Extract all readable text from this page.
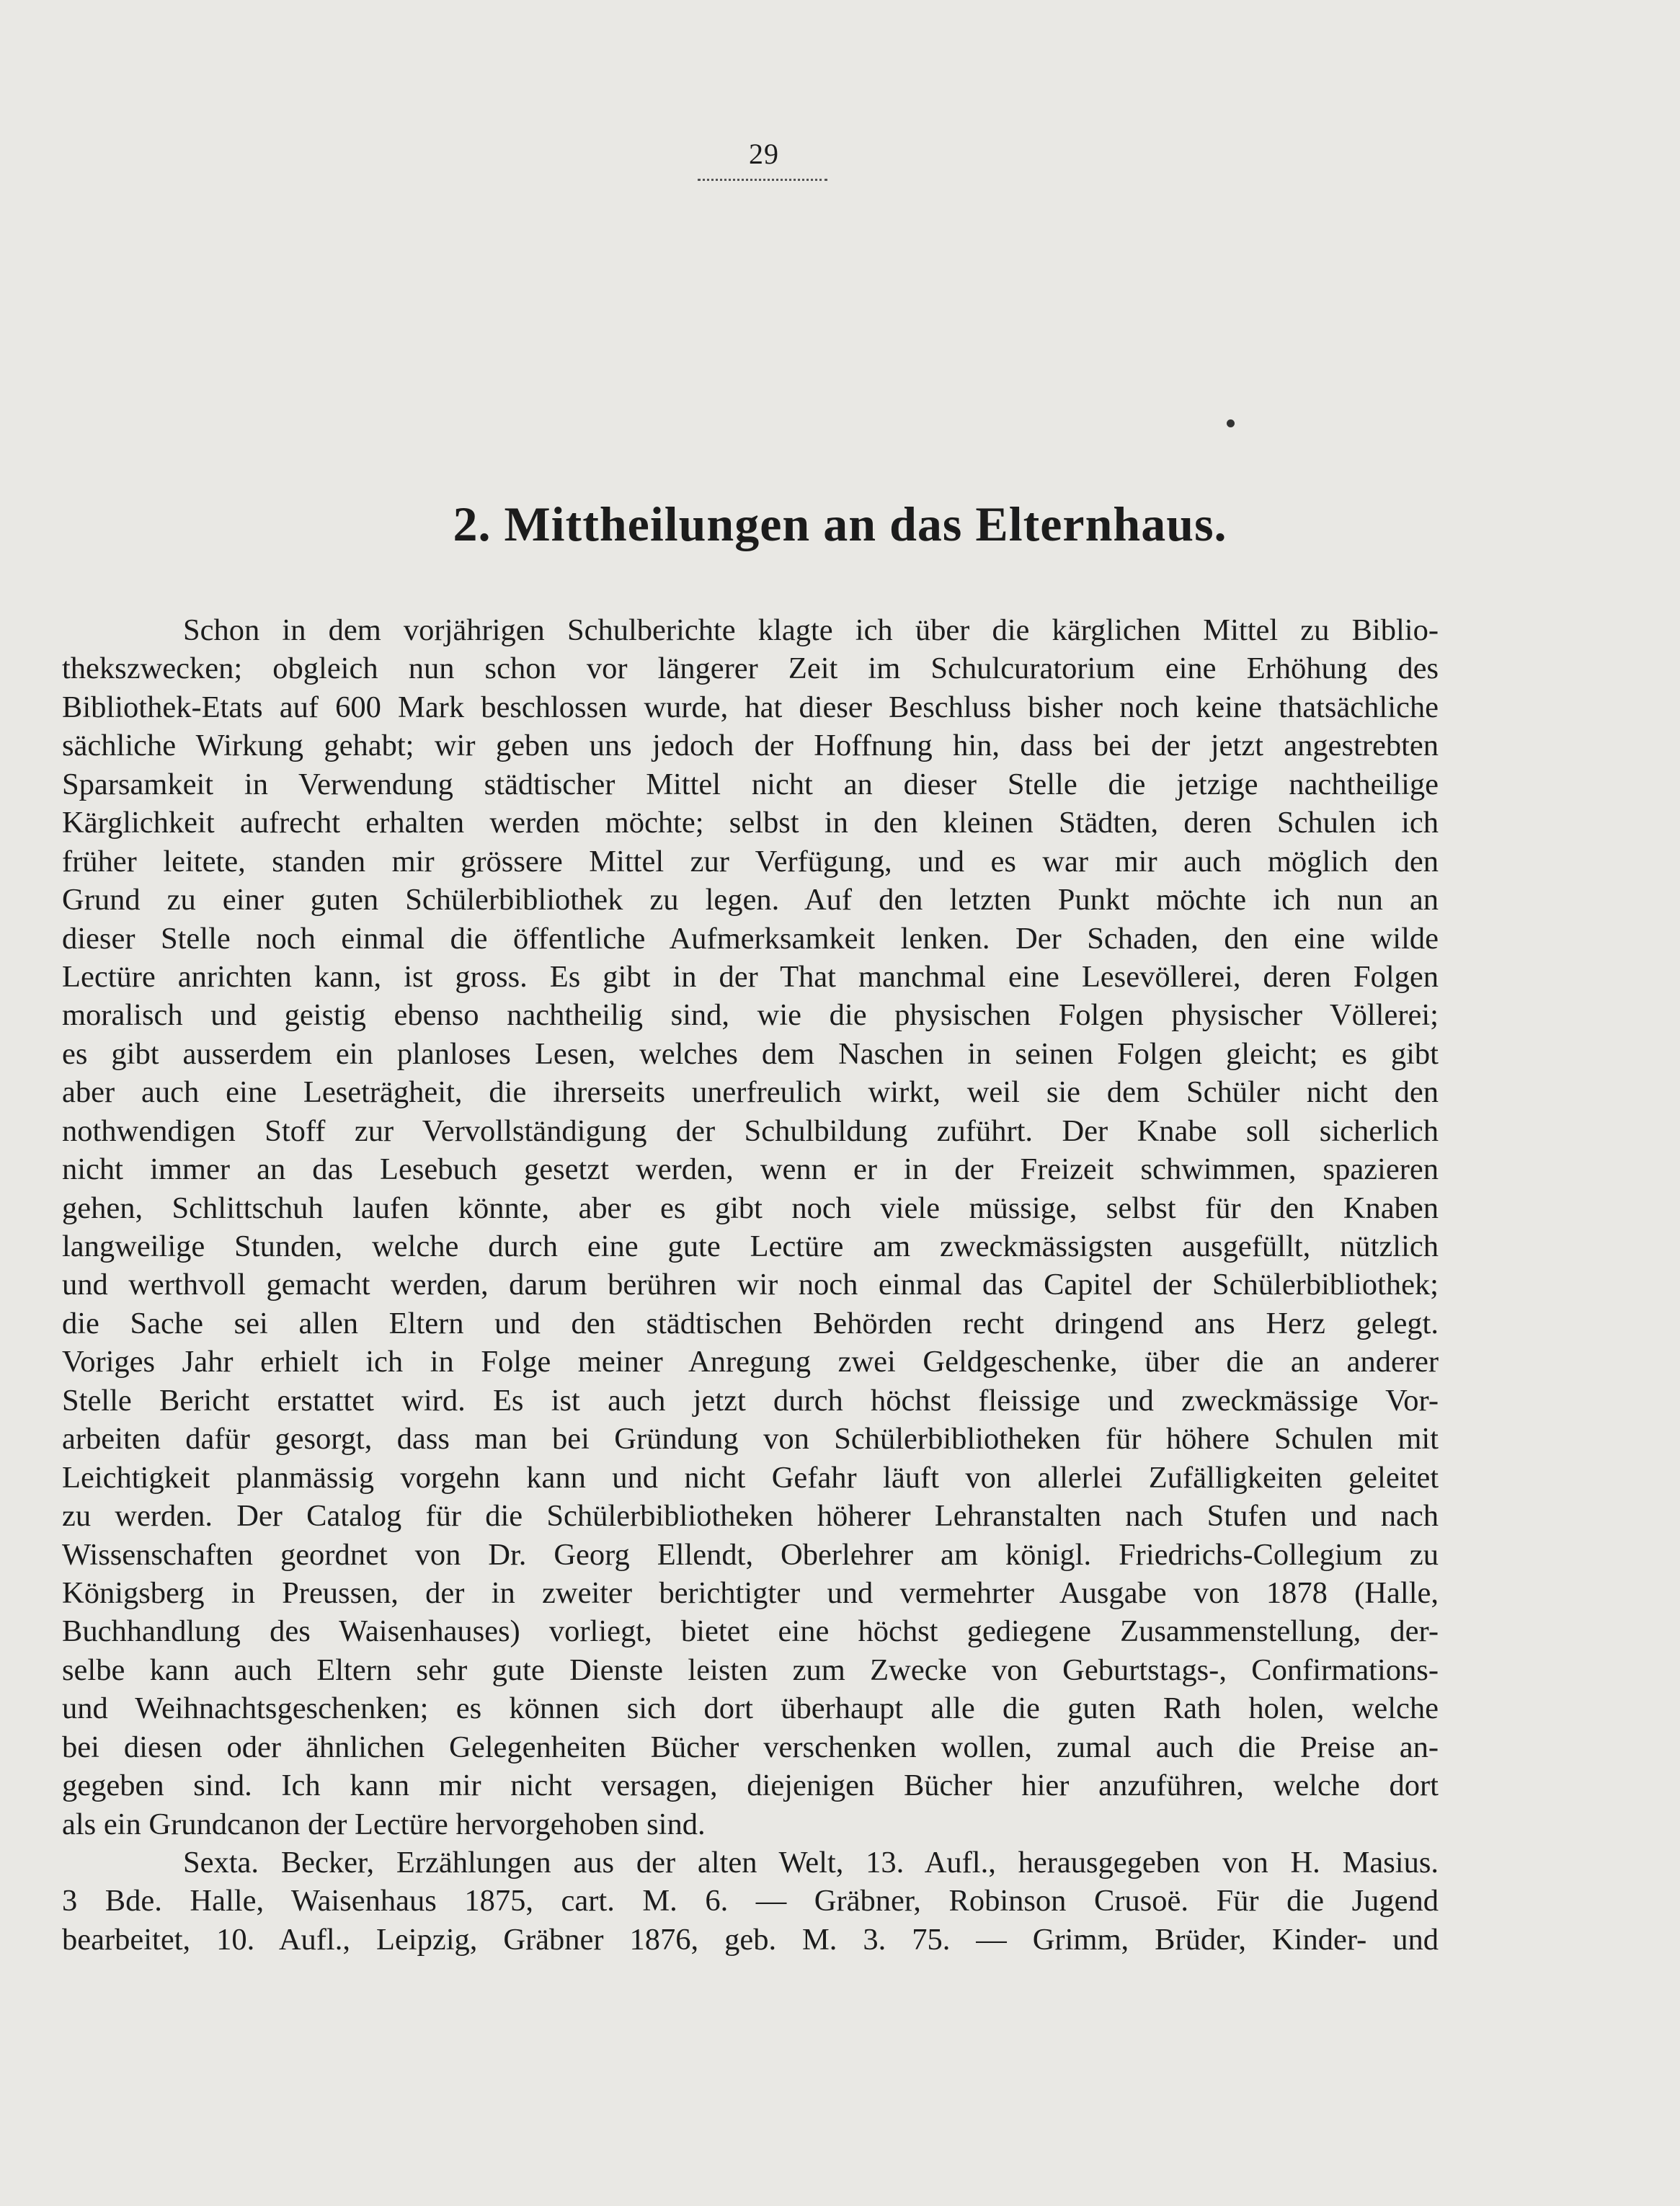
29
2. Mittheilungen an das Elternhaus.
Schon in dem vorjährigen Schulberichte klagte ich über die kärglichen Mittel zu Biblio-
thekszwecken; obgleich nun schon vor längerer Zeit im Schulcuratorium eine Erhöhung des
Bibliothek-Etats auf 600 Mark beschlossen wurde, hat dieser Beschluss bisher noch keine thatsächliche
sächliche Wirkung gehabt; wir geben uns jedoch der Hoffnung hin, dass bei der jetzt angestrebten
Sparsamkeit in Verwendung städtischer Mittel nicht an dieser Stelle die jetzige nachtheilige
Kärglichkeit aufrecht erhalten werden möchte; selbst in den kleinen Städten, deren Schulen ich
früher leitete, standen mir grössere Mittel zur Verfügung, und es war mir auch möglich den
Grund zu einer guten Schülerbibliothek zu legen. Auf den letzten Punkt möchte ich nun an
dieser Stelle noch einmal die öffentliche Aufmerksamkeit lenken. Der Schaden, den eine wilde
Lectüre anrichten kann, ist gross. Es gibt in der That manchmal eine Lesevöllerei, deren Folgen
moralisch und geistig ebenso nachtheilig sind, wie die physischen Folgen physischer Völlerei;
es gibt ausserdem ein planloses Lesen, welches dem Naschen in seinen Folgen gleicht; es gibt
aber auch eine Leseträgheit, die ihrerseits unerfreulich wirkt, weil sie dem Schüler nicht den
nothwendigen Stoff zur Vervollständigung der Schulbildung zuführt. Der Knabe soll sicherlich
nicht immer an das Lesebuch gesetzt werden, wenn er in der Freizeit schwimmen, spazieren
gehen, Schlittschuh laufen könnte, aber es gibt noch viele müssige, selbst für den Knaben
langweilige Stunden, welche durch eine gute Lectüre am zweckmässigsten ausgefüllt, nützlich
und werthvoll gemacht werden, darum berühren wir noch einmal das Capitel der Schülerbibliothek;
die Sache sei allen Eltern und den städtischen Behörden recht dringend ans Herz gelegt.
Voriges Jahr erhielt ich in Folge meiner Anregung zwei Geldgeschenke, über die an anderer
Stelle Bericht erstattet wird. Es ist auch jetzt durch höchst fleissige und zweckmässige Vor-
arbeiten dafür gesorgt, dass man bei Gründung von Schülerbibliotheken für höhere Schulen mit
Leichtigkeit planmässig vorgehn kann und nicht Gefahr läuft von allerlei Zufälligkeiten geleitet
zu werden. Der Catalog für die Schülerbibliotheken höherer Lehranstalten nach Stufen und nach
Wissenschaften geordnet von Dr. Georg Ellendt, Oberlehrer am königl. Friedrichs-Collegium zu
Königsberg in Preussen, der in zweiter berichtigter und vermehrter Ausgabe von 1878 (Halle,
Buchhandlung des Waisenhauses) vorliegt, bietet eine höchst gediegene Zusammenstellung, der-
selbe kann auch Eltern sehr gute Dienste leisten zum Zwecke von Geburtstags-, Confirmations-
und Weihnachtsgeschenken; es können sich dort überhaupt alle die guten Rath holen, welche
bei diesen oder ähnlichen Gelegenheiten Bücher verschenken wollen, zumal auch die Preise an-
gegeben sind. Ich kann mir nicht versagen, diejenigen Bücher hier anzuführen, welche dort
als ein Grundcanon der Lectüre hervorgehoben sind.
Sexta. Becker, Erzählungen aus der alten Welt, 13. Aufl., herausgegeben von H. Masius.
3 Bde. Halle, Waisenhaus 1875, cart. M. 6. — Gräbner, Robinson Crusoë. Für die Jugend
bearbeitet, 10. Aufl., Leipzig, Gräbner 1876, geb. M. 3. 75. — Grimm, Brüder, Kinder- und
